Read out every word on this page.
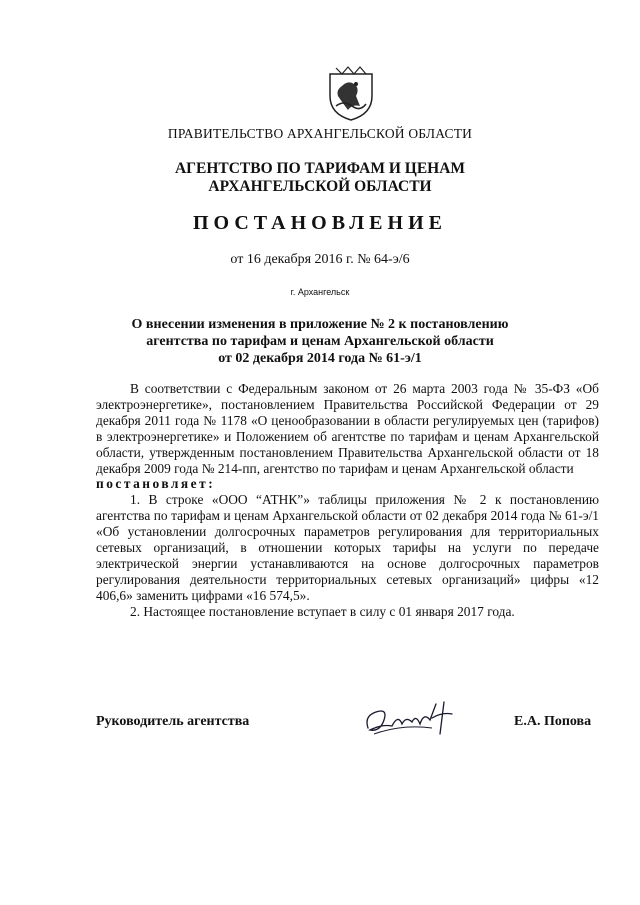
ПРАВИТЕЛЬСТВО АРХАНГЕЛЬСКОЙ ОБЛАСТИ
АГЕНТСТВО ПО ТАРИФАМ И ЦЕНАМ
АРХАНГЕЛЬСКОЙ ОБЛАСТИ
ПОСТАНОВЛЕНИЕ
от 16 декабря 2016 г. № 64-э/6
г. Архангельск
О внесении изменения в приложение № 2 к постановлению
агентства по тарифам и ценам Архангельской области
от 02 декабря 2014 года № 61-э/1

В соответствии с Федеральным законом от 26 марта 2003 года № 35-ФЗ «Об электроэнергетике», постановлением Правительства Российской Федерации от 29 декабря 2011 года № 1178 «О ценообразовании в области регулируемых цен (тарифов) в электроэнергетике» и Положением об агентстве по тарифам и ценам Архангельской области, утвержденным постановлением Правительства Архангельской области от 18 декабря 2009 года № 214-пп, агентство по тарифам и ценам Архангельской области

постановляет:

1. В строке «ООО “АТНК”» таблицы приложения № 2 к постановлению агентства по тарифам и ценам Архангельской области от 02 декабря 2014 года № 61-э/1 «Об установлении долгосрочных параметров регулирования для территориальных сетевых организаций, в отношении которых тарифы на услуги по передаче электрической энергии устанавливаются на основе долгосрочных параметров регулирования деятельности территориальных сетевых организаций» цифры «12 406,6» заменить цифрами «16 574,5».

2. Настоящее постановление вступает в силу с 01 января 2017 года.

Руководитель агентства	Е.А. Попова
